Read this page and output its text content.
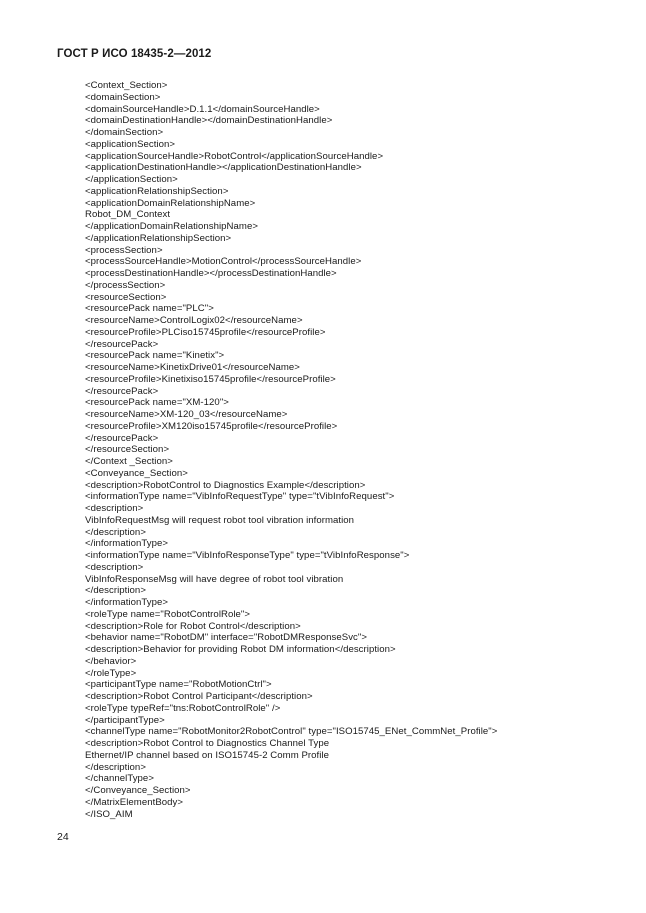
ГОСТ Р ИСО 18435-2—2012
<Context_Section>
<domainSection>
<domainSourceHandle>D.1.1</domainSourceHandle>
<domainDestinationHandle></domainDestinationHandle>
</domainSection>
<applicationSection>
<applicationSourceHandle>RobotControl</applicationSourceHandle>
<applicationDestinationHandle></applicationDestinationHandle>
</applicationSection>
<applicationRelationshipSection>
<applicationDomainRelationshipName>
Robot_DM_Context
</applicationDomainRelationshipName>
</applicationRelationshipSection>
<processSection>
<processSourceHandle>MotionControl</processSourceHandle>
<processDestinationHandle></processDestinationHandle>
</processSection>
<resourceSection>
<resourcePack name="PLC">
<resourceName>ControlLogix02</resourceName>
<resourceProfile>PLCiso15745profile</resourceProfile>
</resourcePack>
<resourcePack name="Kinetix">
<resourceName>KinetixDrive01</resourceName>
<resourceProfile>Kinetixiso15745profile</resourceProfile>
</resourcePack>
<resourcePack name="XM-120">
<resourceName>XM-120_03</resourceName>
<resourceProfile>XM120iso15745profile</resourceProfile>
</resourcePack>
</resourceSection>
</Context _Section>
<Conveyance_Section>
<description>RobotControl to Diagnostics Example</description>
<informationType name="VibInfoRequestType" type="tVibInfoRequest">
<description>
VibInfoRequestMsg will request robot tool vibration information
</description>
</informationType>
<informationType name="VibInfoResponseType" type="tVibInfoResponse">
<description>
VibInfoResponseMsg will have degree of robot tool vibration
</description>
</informationType>
<roleType name="RobotControlRole">
<description>Role for Robot Control</description>
<behavior name="RobotDM" interface="RobotDMResponseSvc">
<description>Behavior for providing Robot DM information</description>
</behavior>
</roleType>
<participantType name="RobotMotionCtrl">
<description>Robot Control Participant</description>
<roleType typeRef="tns:RobotControlRole" />
</participantType>
<channelType name="RobotMonitor2RobotControl" type="ISO15745_ENet_CommNet_Profile">
<description>Robot Control to Diagnostics Channel Type
Ethernet/IP channel based on ISO15745-2 Comm Profile
</description>
</channelType>
</Conveyance_Section>
</MatrixElementBody>
</ISO_AIM
24
